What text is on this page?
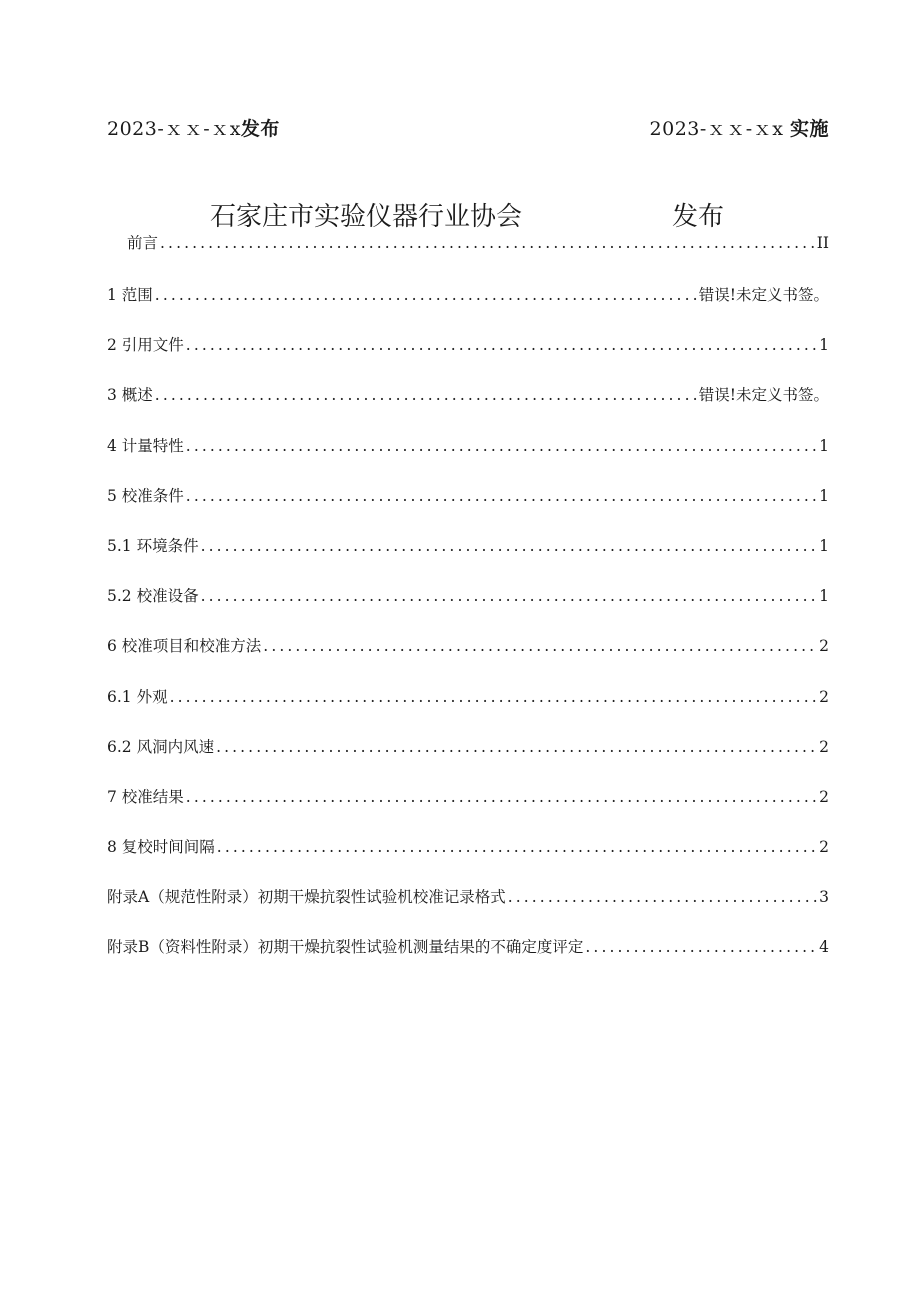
2023-ｘｘ-ｘx发布	2023-ｘｘ-ｘx 实施
石家庄市实验仪器行业协会	发布
前言 .....	II
1 范围 .....	错误!未定义书签。
2 引用文件 .....	1
3 概述 .....	错误!未定义书签。
4 计量特性 .....	1
5 校准条件 .....	1
5.1 环境条件 .....	1
5.2 校准设备 .....	1
6 校准项目和校准方法 .....	2
6.1 外观 .....	2
6.2 风洞内风速 .....	2
7 校准结果 .....	2
8 复校时间间隔 .....	2
附录A（规范性附录）初期干燥抗裂性试验机校准记录格式 .....	3
附录B（资料性附录）初期干燥抗裂性试验机测量结果的不确定度评定 .....	4
